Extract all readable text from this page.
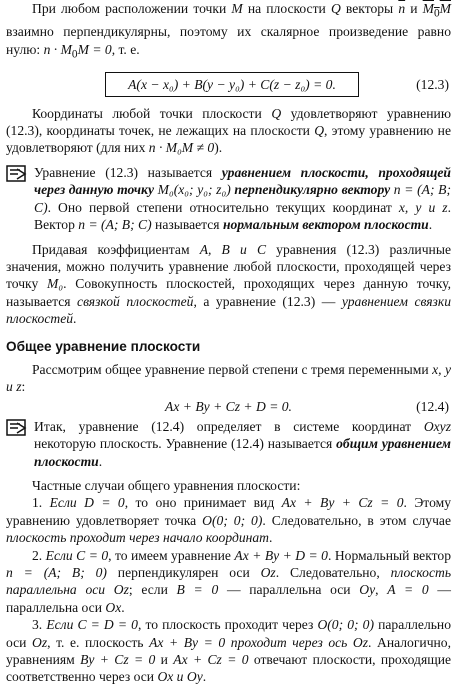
При любом расположении точки M на плоскости Q векторы $\overline{n}$ и $M_0M$ взаимно перпендикулярны, поэтому их скалярное произведение равно нулю: $n \cdot M_0M = 0$, т. е.

A(x − x₀) + B(y − y₀) + C(z − z₀) = 0.	(12.3)

Координаты любой точки плоскости Q удовлетворяют уравнению (12.3), координаты точек, не лежащих на плоскости Q, этому уравнению не удовлетворяют (для них n · M₀M ≠ 0).

Уравнение (12.3) называется уравнением плоскости, проходящей через данную точку M₀(x₀; y₀; z₀) перпендикулярно вектору n = (A; B; C). Оно первой степени относительно текущих координат x, y и z. Вектор n = (A; B; C) называется нормальным вектором плоскости.

Придавая коэффициентам A, B и C уравнения (12.3) различные значения, можно получить уравнение любой плоскости, проходящей через точку M₀. Совокупность плоскостей, проходящих через данную точку, называется связкой плоскостей, а уравнение (12.3) — уравнением связки плоскостей.

Общее уравнение плоскости

Рассмотрим общее уравнение первой степени с тремя переменными x, y и z:

Ax + By + Cz + D = 0.	(12.4)

Итак, уравнение (12.4) определяет в системе координат Oxyz некоторую плоскость. Уравнение (12.4) называется общим уравнением плоскости.

Частные случаи общего уравнения плоскости:

1. Если D = 0, то оно принимает вид Ax + By + Cz = 0. Этому уравнению удовлетворяет точка O(0; 0; 0). Следовательно, в этом случае плоскость проходит через начало координат.

2. Если C = 0, то имеем уравнение Ax + By + D = 0. Нормальный вектор n = (A; B; 0) перпендикулярен оси Oz. Следовательно, плоскость параллельна оси Oz; если B = 0 — параллельна оси Oy, A = 0 — параллельна оси Ox.

3. Если C = D = 0, то плоскость проходит через O(0; 0; 0) параллельно оси Oz, т. е. плоскость Ax + By = 0 проходит через ось Oz. Аналогично, уравнениям By + Cz = 0 и Ax + Cz = 0 отвечают плоскости, проходящие соответственно через оси Ox и Oy.
